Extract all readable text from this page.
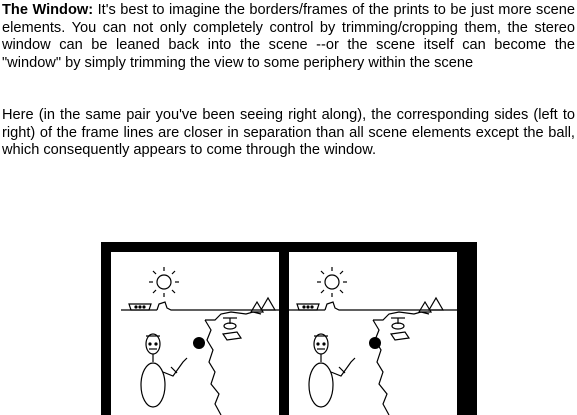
The Window: It's best to imagine the borders/frames of the prints to be just more scene elements. You can not only completely control by trimming/cropping them, the stereo window can be leaned back into the scene --or the scene itself can become the "window" by simply trimming the view to some periphery within the scene

Here (in the same pair you've been seeing right along), the corresponding sides (left to right) of the frame lines are closer in separation than all scene elements except the ball, which consequently appears to come through the window.
